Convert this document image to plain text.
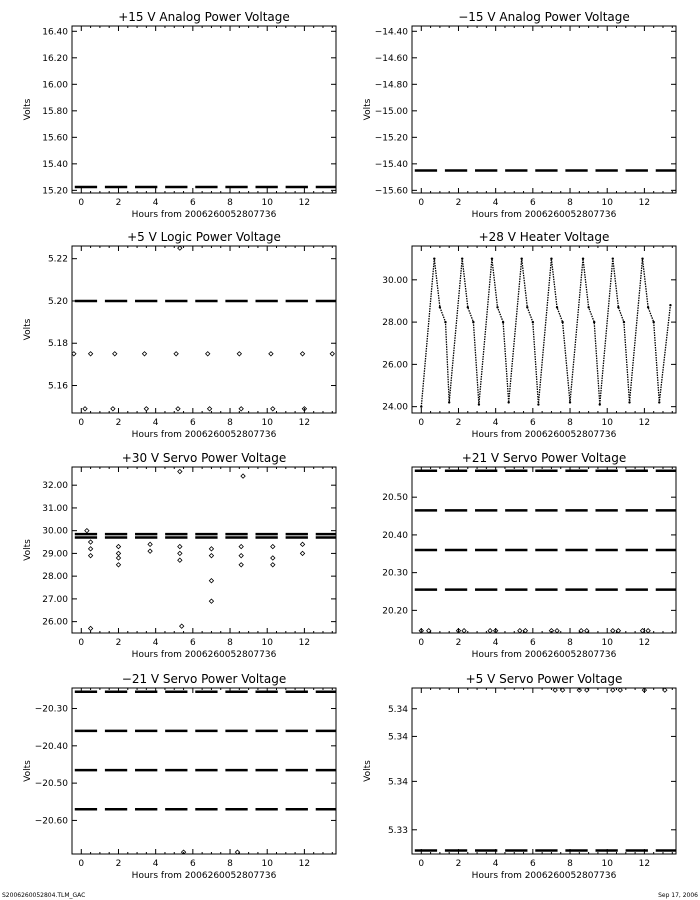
+15 V Analog Power Voltage
0	2	4	6	8	10	12
15.20
15.40
15.60
15.80
16.00
16.20
16.40
Hours from 2006260052807736
Volts
−15 V Analog Power Voltage
0	2	4	6	8	10	12
−15.60
−15.40
−15.20
−15.00
−14.80
−14.60
−14.40
Hours from 2006260052807736
Volts
+5 V Logic Power Voltage
0	2	4	6	8	10	12
5.16
5.18
5.20
5.22
Hours from 2006260052807736
Volts
+28 V Heater Voltage
0	2	4	6	8	10	12
24.00
26.00
28.00
30.00
Hours from 2006260052807736
+30 V Servo Power Voltage
0	2	4	6	8	10	12
26.00
27.00
28.00
29.00
30.00
31.00
32.00
Hours from 2006260052807736
Volts
+21 V Servo Power Voltage
0	2	4	6	8	10	12
20.20
20.30
20.40
20.50
Hours from 2006260052807736
−21 V Servo Power Voltage
0	2	4	6	8	10	12
−20.60
−20.50
−20.40
−20.30
Hours from 2006260052807736
Volts
+5 V Servo Power Voltage
0	2	4	6	8	10	12
5.33
5.34
5.34
5.34
Hours from 2006260052807736
Volts
S2006260052804.TLM_GAC	Sep 17, 2006
